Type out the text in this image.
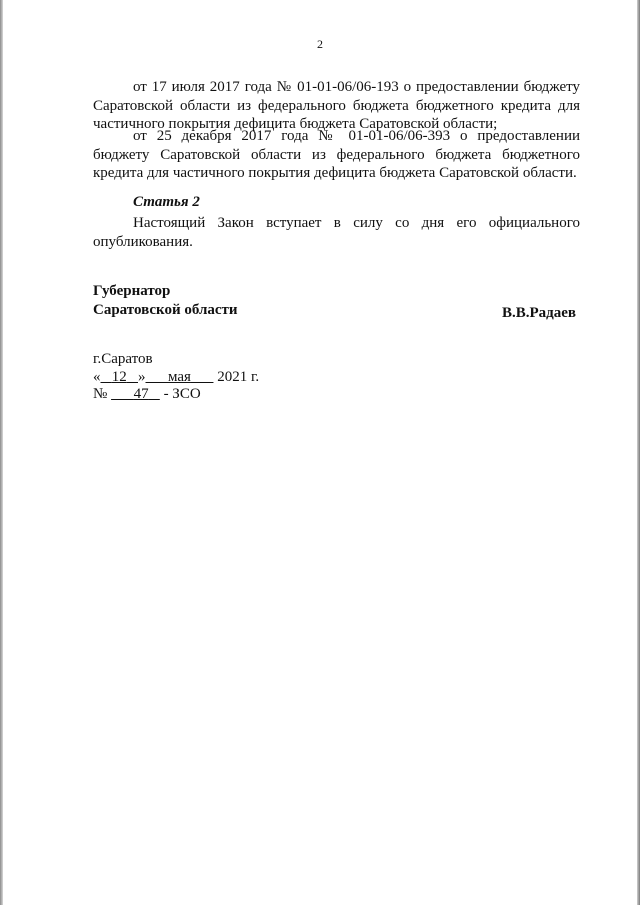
2
от 17 июля 2017 года № 01-01-06/06-193 о предоставлении бюджету Саратовской области из федерального бюджета бюджетного кредита для частичного покрытия дефицита бюджета Саратовской области;
от 25 декабря 2017 года № 01-01-06/06-393 о предоставлении бюджету Саратовской области из федерального бюджета бюджетного кредита для частичного покрытия дефицита бюджета Саратовской области.
Статья 2
Настоящий Закон вступает в силу со дня его официального опубликования.
Губернатор
Саратовской области	В.В.Радаев
г.Саратов
« 12 » мая 2021 г.
№ 47 - ЗСО
